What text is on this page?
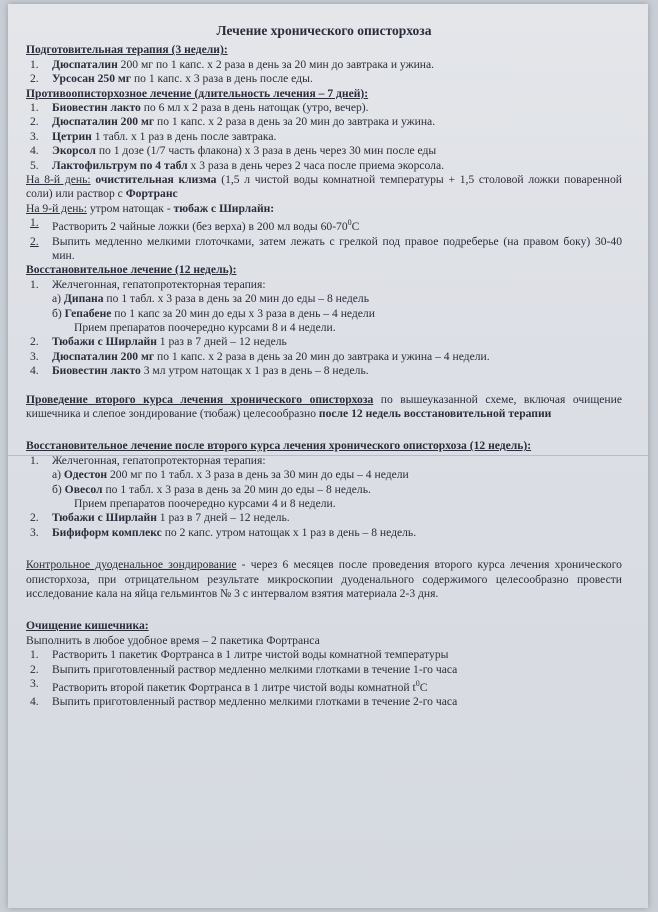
Лечение хронического описторхоза
Подготовительная терапия (3 недели):
1.	Дюспаталин 200 мг по 1 капс. х 2 раза в день за 20 мин до завтрака и ужина.
2.	Урсосан 250 мг по 1 капс. х 3 раза в день после еды.
Противоописторхозное лечение (длительность лечения – 7 дней):
1.	Биовестин лакто по 6 мл х 2 раза в день натощак (утро, вечер).
2.	Дюспаталин 200 мг по 1 капс. х 2 раза в день за 20 мин до завтрака и ужина.
3.	Цетрин 1 табл. х 1 раз в день после завтрака.
4.	Экорсол по 1 дозе (1/7 часть флакона) х 3 раза в день через 30 мин после еды
5.	Лактофильтрум по 4 табл х 3 раза в день через 2 часа после приема экорсола.
На 8-й день: очистительная клизма (1,5 л чистой воды комнатной температуры + 1,5 столовой ложки поваренной соли) или раствор с Фортранс
На 9-й день: утром натощак - тюбаж с Ширлайн:
1.	Растворить 2 чайные ложки (без верха) в 200 мл воды $60-70^0С$
2.	Выпить медленно мелкими глоточками, затем лежать с грелкой под правое подреберье (на правом боку) 30-40 мин.
Восстановительное лечение (12 недель):
1.	Желчегонная, гепатопротекторная терапия:
а) Дипана по 1 табл. х 3 раза в день за 20 мин до еды – 8 недель
б) Гепабене по 1 капс за 20 мин до еды х 3 раза в день – 4 недели
Прием препаратов поочередно курсами 8 и 4 недели.
2.	Тюбажи с Ширлайн 1 раз в 7 дней – 12 недель
3.	Дюспаталин 200 мг по 1 капс. х 2 раза в день за 20 мин до завтрака и ужина – 4 недели.
4.	Биовестин лакто 3 мл утром натощак х 1 раз в день – 8 недель.
Проведение второго курса лечения хронического описторхоза по вышеуказанной схеме, включая очищение кишечника и слепое зондирование (тюбаж) целесообразно после 12 недель восстановительной терапии
Восстановительное лечение после второго курса лечения хронического описторхоза (12 недель):
1.	Желчегонная, гепатопротекторная терапия:
а) Одестон 200 мг по 1 табл. х 3 раза в день за 30 мин до еды – 4 недели
б) Овесол по 1 табл. х 3 раза в день за 20 мин до еды – 8 недель.
Прием препаратов поочередно курсами 4 и 8 недели.
2.	Тюбажи с Ширлайн 1 раз в 7 дней – 12 недель.
3.	Бифиформ комплекс по 2 капс. утром натощак х 1 раз в день – 8 недель.
Контрольное дуоденальное зондирование - через 6 месяцев после проведения второго курса лечения хронического описторхоза, при отрицательном результате микроскопии дуоденального содержимого целесообразно провести исследование кала на яйца гельминтов № 3 с интервалом взятия материала 2-3 дня.
Очищение кишечника:
Выполнить в любое удобное время – 2 пакетика Фортранса
1.	Растворить 1 пакетик Фортранса в 1 литре чистой воды комнатной температуры
2.	Выпить приготовленный раствор медленно мелкими глотками в течение 1-го часа
3.	Растворить второй пакетик Фортранса в 1 литре чистой воды комнатной $t^0С$
4.	Выпить приготовленный раствор медленно мелкими глотками в течение 2-го часа
